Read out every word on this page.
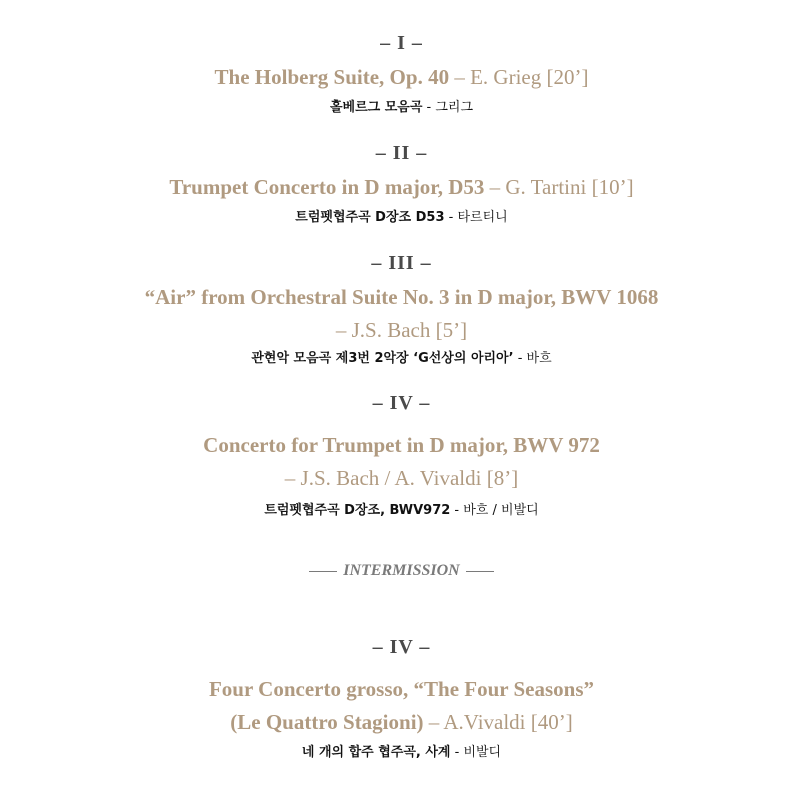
– I –
The Holberg Suite, Op. 40 – E. Grieg [20’]
홀베르그 모음곡 - 그리그
– II –
Trumpet Concerto in D major, D53 – G. Tartini [10’]
트럼펫협주곡 D장조 D53 - 타르티니
– III –
“Air” from Orchestral Suite No. 3 in D major, BWV 1068
– J.S. Bach [5’]
관현악 모음곡 제3번 2악장 ‘G선상의 아리아’ - 바흐
– IV –
Concerto for Trumpet in D major, BWV 972
– J.S. Bach / A. Vivaldi [8’]
트럼펫협주곡 D장조, BWV972 - 바흐 / 비발디
INTERMISSION
– IV –
Four Concerto grosso, “The Four Seasons”
(Le Quattro Stagioni) – A.Vivaldi [40’]
네 개의 합주 협주곡, 사계 - 비발디
